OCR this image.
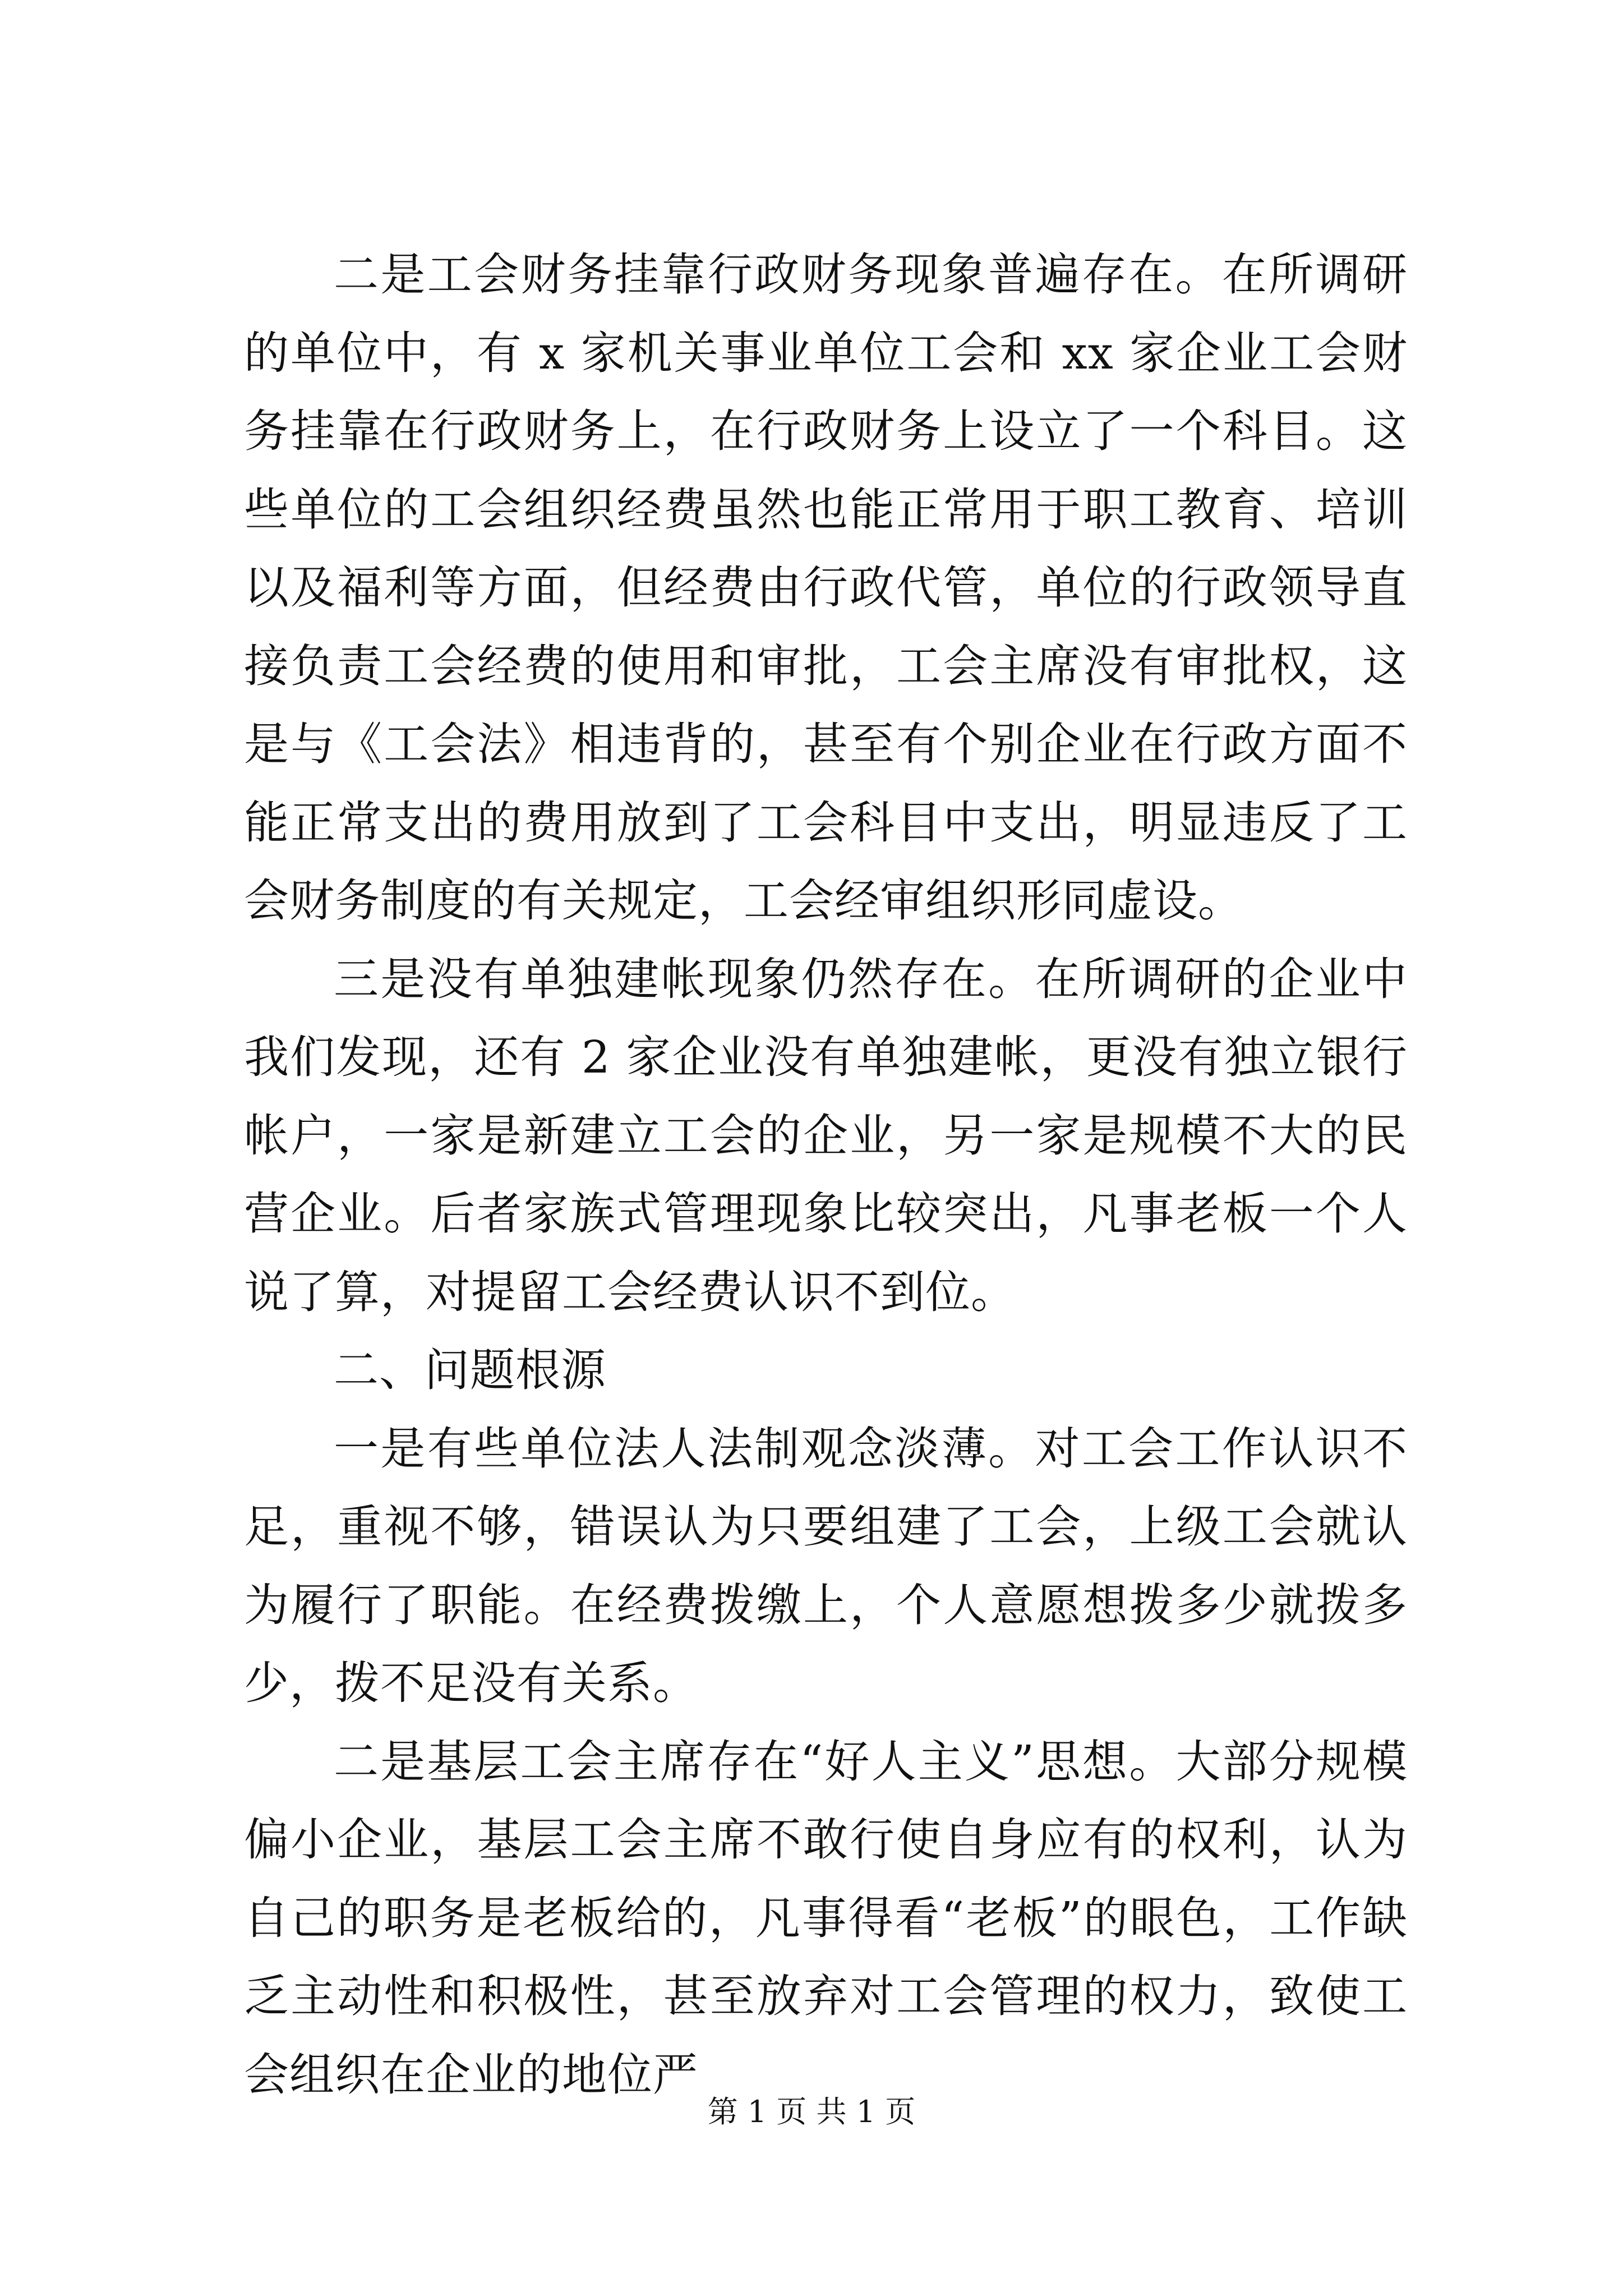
二是工会财务挂靠行政财务现象普遍存在。在所调研的单位中，有 x 家机关事业单位工会和 xx 家企业工会财务挂靠在行政财务上，在行政财务上设立了一个科目。这些单位的工会组织经费虽然也能正常用于职工教育、培训以及福利等方面，但经费由行政代管，单位的行政领导直接负责工会经费的使用和审批，工会主席没有审批权，这是与《工会法》相违背的，甚至有个别企业在行政方面不能正常支出的费用放到了工会科目中支出，明显违反了工会财务制度的有关规定，工会经审组织形同虚设。

三是没有单独建帐现象仍然存在。在所调研的企业中我们发现，还有 2 家企业没有单独建帐，更没有独立银行帐户，一家是新建立工会的企业，另一家是规模不大的民营企业。后者家族式管理现象比较突出，凡事老板一个人说了算，对提留工会经费认识不到位。

二、问题根源

一是有些单位法人法制观念淡薄。对工会工作认识不足，重视不够，错误认为只要组建了工会，上级工会就认为履行了职能。在经费拨缴上，个人意愿想拨多少就拨多少，拨不足没有关系。

二是基层工会主席存在“好人主义”思想。大部分规模偏小企业，基层工会主席不敢行使自身应有的权利，认为自己的职务是老板给的，凡事得看“老板”的眼色，工作缺乏主动性和积极性，甚至放弃对工会管理的权力，致使工会组织在企业的地位严

第 1 页 共 1 页
